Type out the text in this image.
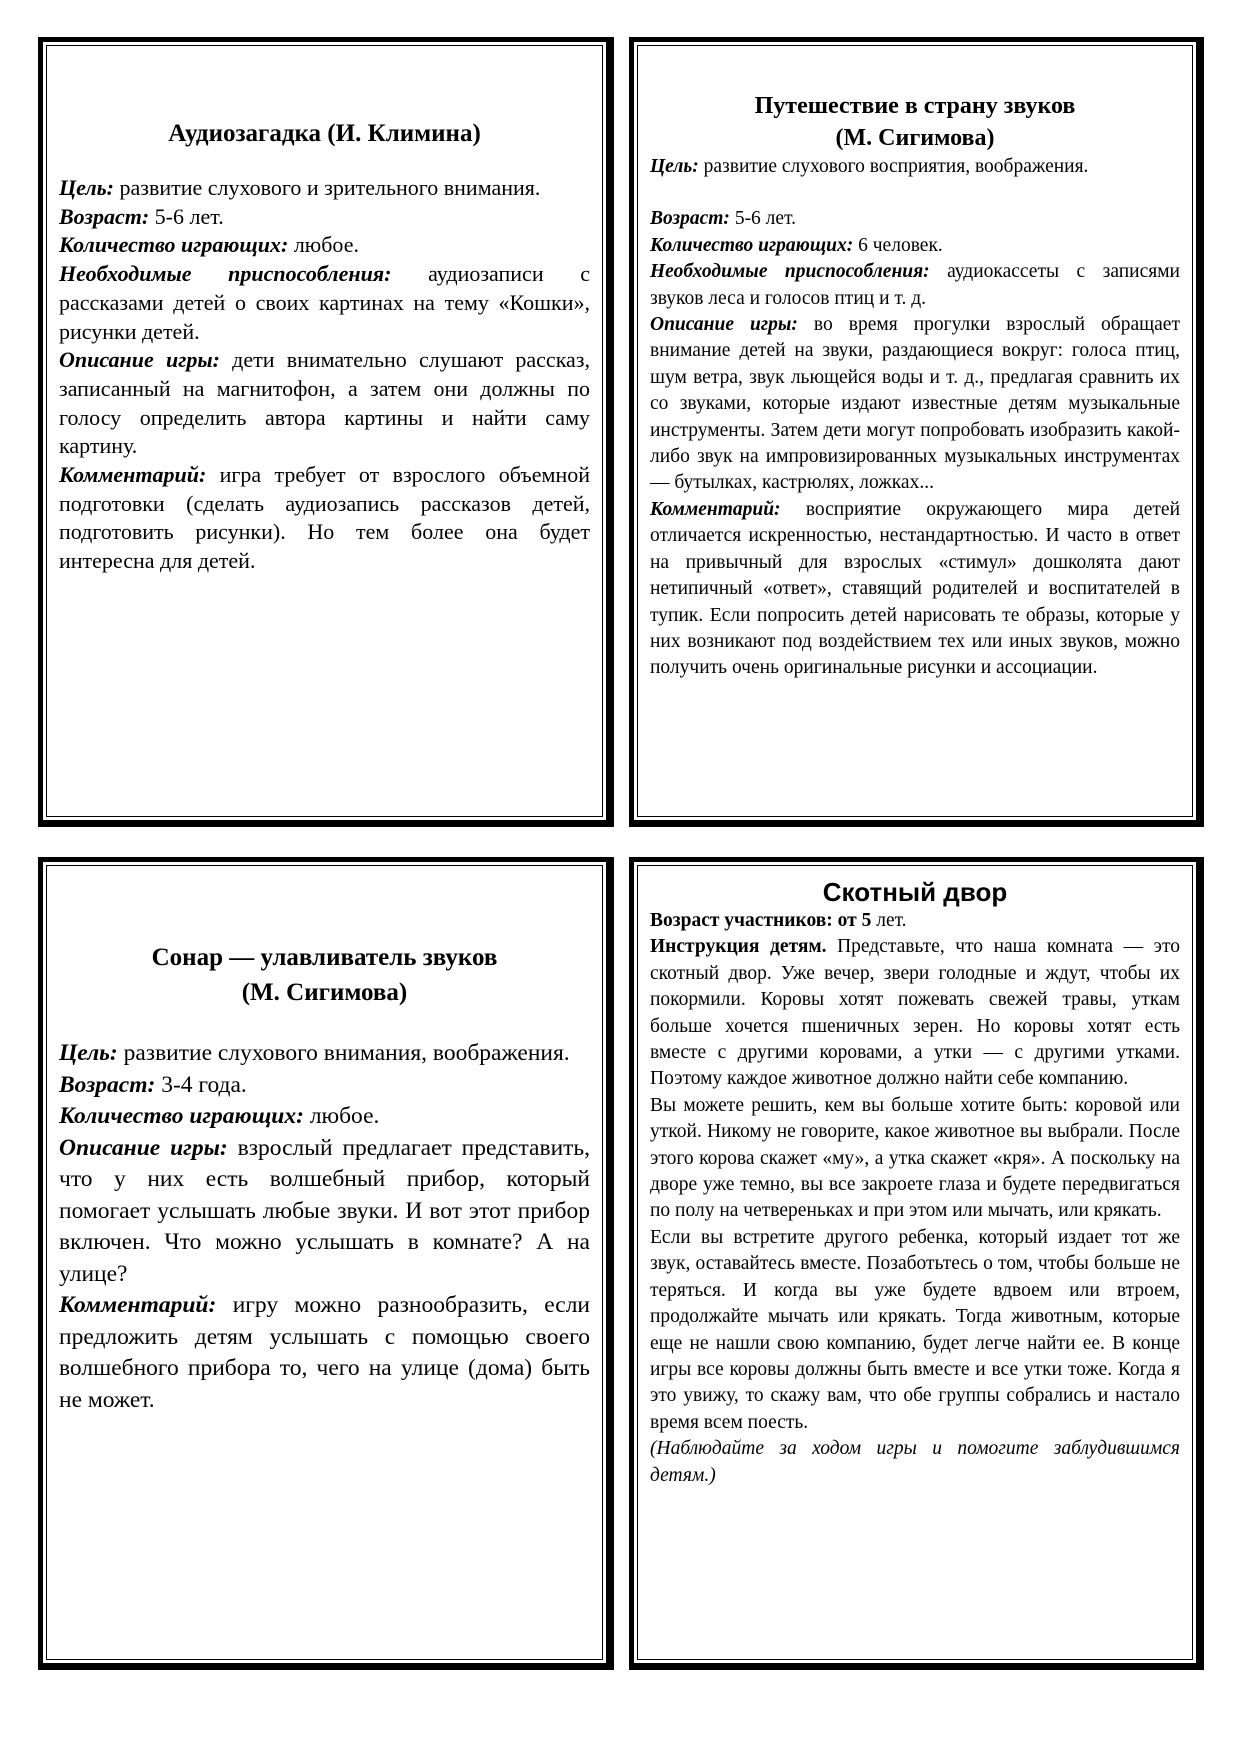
Аудиозагадка (И. Климина)

Цель: развитие слухового и зрительного внимания.

Возраст: 5-6 лет.

Количество играющих: любое.

Необходимые приспособления: аудиозаписи с рассказами детей о своих картинах на тему «Кошки», рисунки детей.

Описание игры: дети внимательно слушают рассказ, записанный на магнитофон, а затем они должны по голосу определить автора картины и найти саму картину.

Комментарий: игра требует от взрослого объемной подготовки (сделать аудиозапись рассказов детей, подготовить рисунки). Но тем более она будет интересна для детей.

Путешествие в страну звуков
(М. Сигимова)

Цель: развитие слухового восприятия, воображения.

Возраст: 5-6 лет.

Количество играющих: 6 человек.

Необходимые приспособления: аудиокассеты с записями звуков леса и голосов птиц и т. д.

Описание игры: во время прогулки взрослый обращает внимание детей на звуки, раздающиеся вокруг: голоса птиц, шум ветра, звук льющейся воды и т. д., предлагая сравнить их со звуками, которые издают известные детям музыкальные инструменты. Затем дети могут попробовать изобразить какой-либо звук на импровизированных музыкальных инструментах — бутылках, кастрюлях, ложках...

Комментарий: восприятие окружающего мира детей отличается искренностью, нестандартностью. И часто в ответ на привычный для взрослых «стимул» дошколята дают нетипичный «ответ», ставящий родителей и воспитателей в тупик. Если попросить детей нарисовать те образы, которые у них возникают под воздействием тех или иных звуков, можно получить очень оригинальные рисунки и ассоциации.

Сонар — улавливатель звуков
(М. Сигимова)

Цель: развитие слухового внимания, воображения.

Возраст: 3-4 года.

Количество играющих: любое.

Описание игры: взрослый предлагает представить, что у них есть волшебный прибор, который помогает услышать любые звуки. И вот этот прибор включен. Что можно услышать в комнате? А на улице?

Комментарий: игру можно разнообразить, если предложить детям услышать с помощью своего волшебного прибора то, чего на улице (дома) быть не может.

Скотный двор

Возраст участников: от 5 лет.

Инструкция детям. Представьте, что наша комната — это скотный двор. Уже вечер, звери голодные и ждут, чтобы их покормили. Коровы хотят пожевать свежей травы, уткам больше хочется пшеничных зерен. Но коровы хотят есть вместе с другими коровами, а утки — с другими утками. Поэтому каждое животное должно найти себе компанию.

Вы можете решить, кем вы больше хотите быть: коровой или уткой. Никому не говорите, какое животное вы выбрали. После этого корова скажет «му», а утка скажет «кря». А поскольку на дворе уже темно, вы все закроете глаза и будете передвигаться по полу на четвереньках и при этом или мычать, или крякать.

Если вы встретите другого ребенка, который издает тот же звук, оставайтесь вместе. Позаботьтесь о том, чтобы больше не теряться. И когда вы уже будете вдвоем или втроем, продолжайте мычать или крякать. Тогда животным, которые еще не нашли свою компанию, будет легче найти ее. В конце игры все коровы должны быть вместе и все утки тоже. Когда я это увижу, то скажу вам, что обе группы собрались и настало время всем поесть.

(Наблюдайте за ходом игры и помогите заблудившимся детям.)
